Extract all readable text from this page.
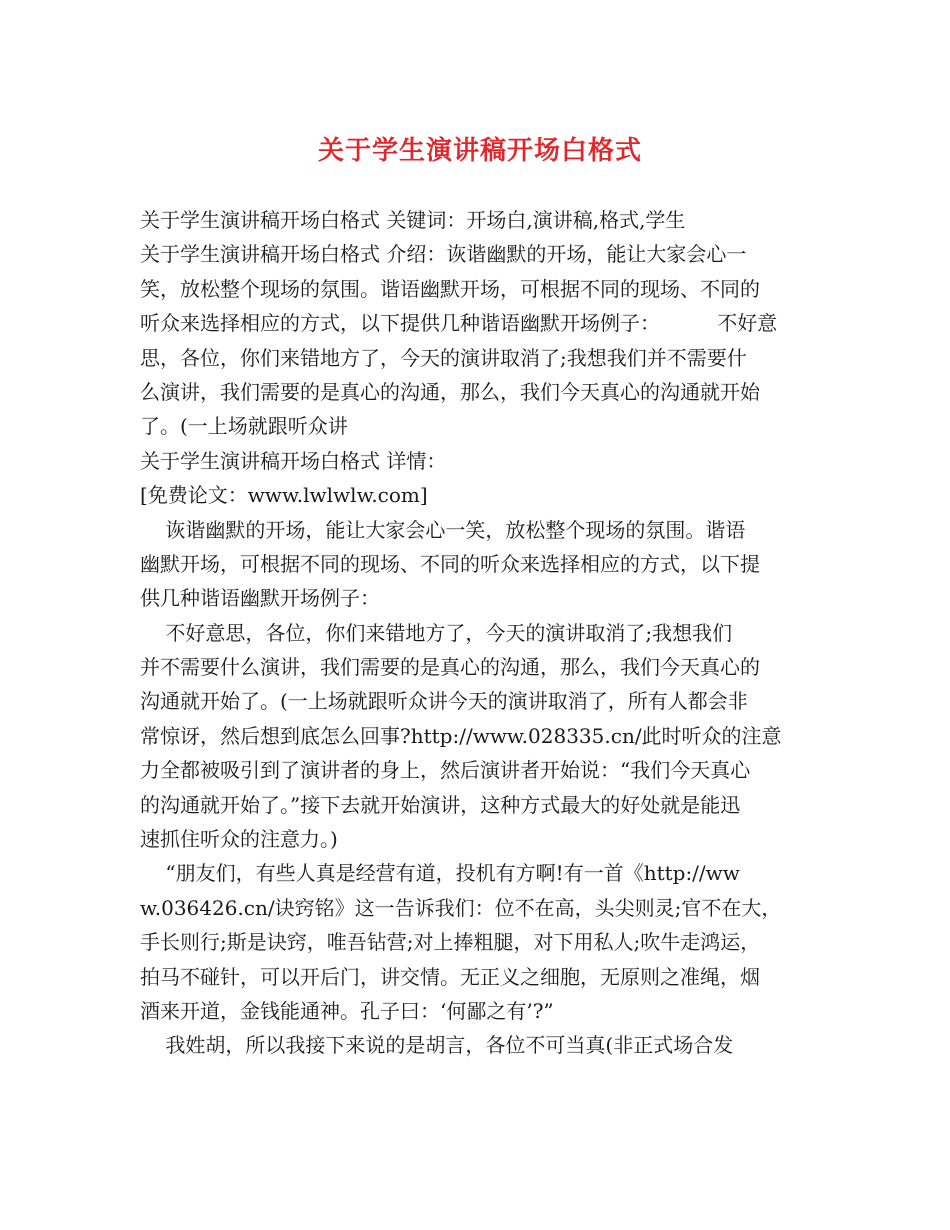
关于学生演讲稿开场白格式
关于学生演讲稿开场白格式 关键词：开场白,演讲稿,格式,学生
关于学生演讲稿开场白格式 介绍：诙谐幽默的开场，能让大家会心一
笑，放松整个现场的氛围。谐语幽默开场，可根据不同的现场、不同的
听众来选择相应的方式，以下提供几种谐语幽默开场例子：         不好意
思，各位，你们来错地方了，今天的演讲取消了;我想我们并不需要什
么演讲，我们需要的是真心的沟通，那么，我们今天真心的沟通就开始
了。(一上场就跟听众讲
关于学生演讲稿开场白格式 详情：
[免费论文：www.lwlwlw.com]
诙谐幽默的开场，能让大家会心一笑，放松整个现场的氛围。谐语
幽默开场，可根据不同的现场、不同的听众来选择相应的方式，以下提
供几种谐语幽默开场例子：
不好意思，各位，你们来错地方了，今天的演讲取消了;我想我们
并不需要什么演讲，我们需要的是真心的沟通，那么，我们今天真心的
沟通就开始了。(一上场就跟听众讲今天的演讲取消了，所有人都会非
常惊讶，然后想到底怎么回事?http://www.028335.cn/此时听众的注意
力全都被吸引到了演讲者的身上，然后演讲者开始说：“我们今天真心
的沟通就开始了。”接下去就开始演讲，这种方式最大的好处就是能迅
速抓住听众的注意力。)
“朋友们，有些人真是经营有道，投机有方啊!有一首《http://ww
w.036426.cn/诀窍铭》这一告诉我们：位不在高，头尖则灵;官不在大，
手长则行;斯是诀窍，唯吾钻营;对上捧粗腿，对下用私人;吹牛走鸿运，
拍马不碰针，可以开后门，讲交情。无正义之细胞，无原则之准绳，烟
酒来开道，金钱能通神。孔子曰：‘何鄙之有’?”
我姓胡，所以我接下来说的是胡言，各位不可当真(非正式场合发
